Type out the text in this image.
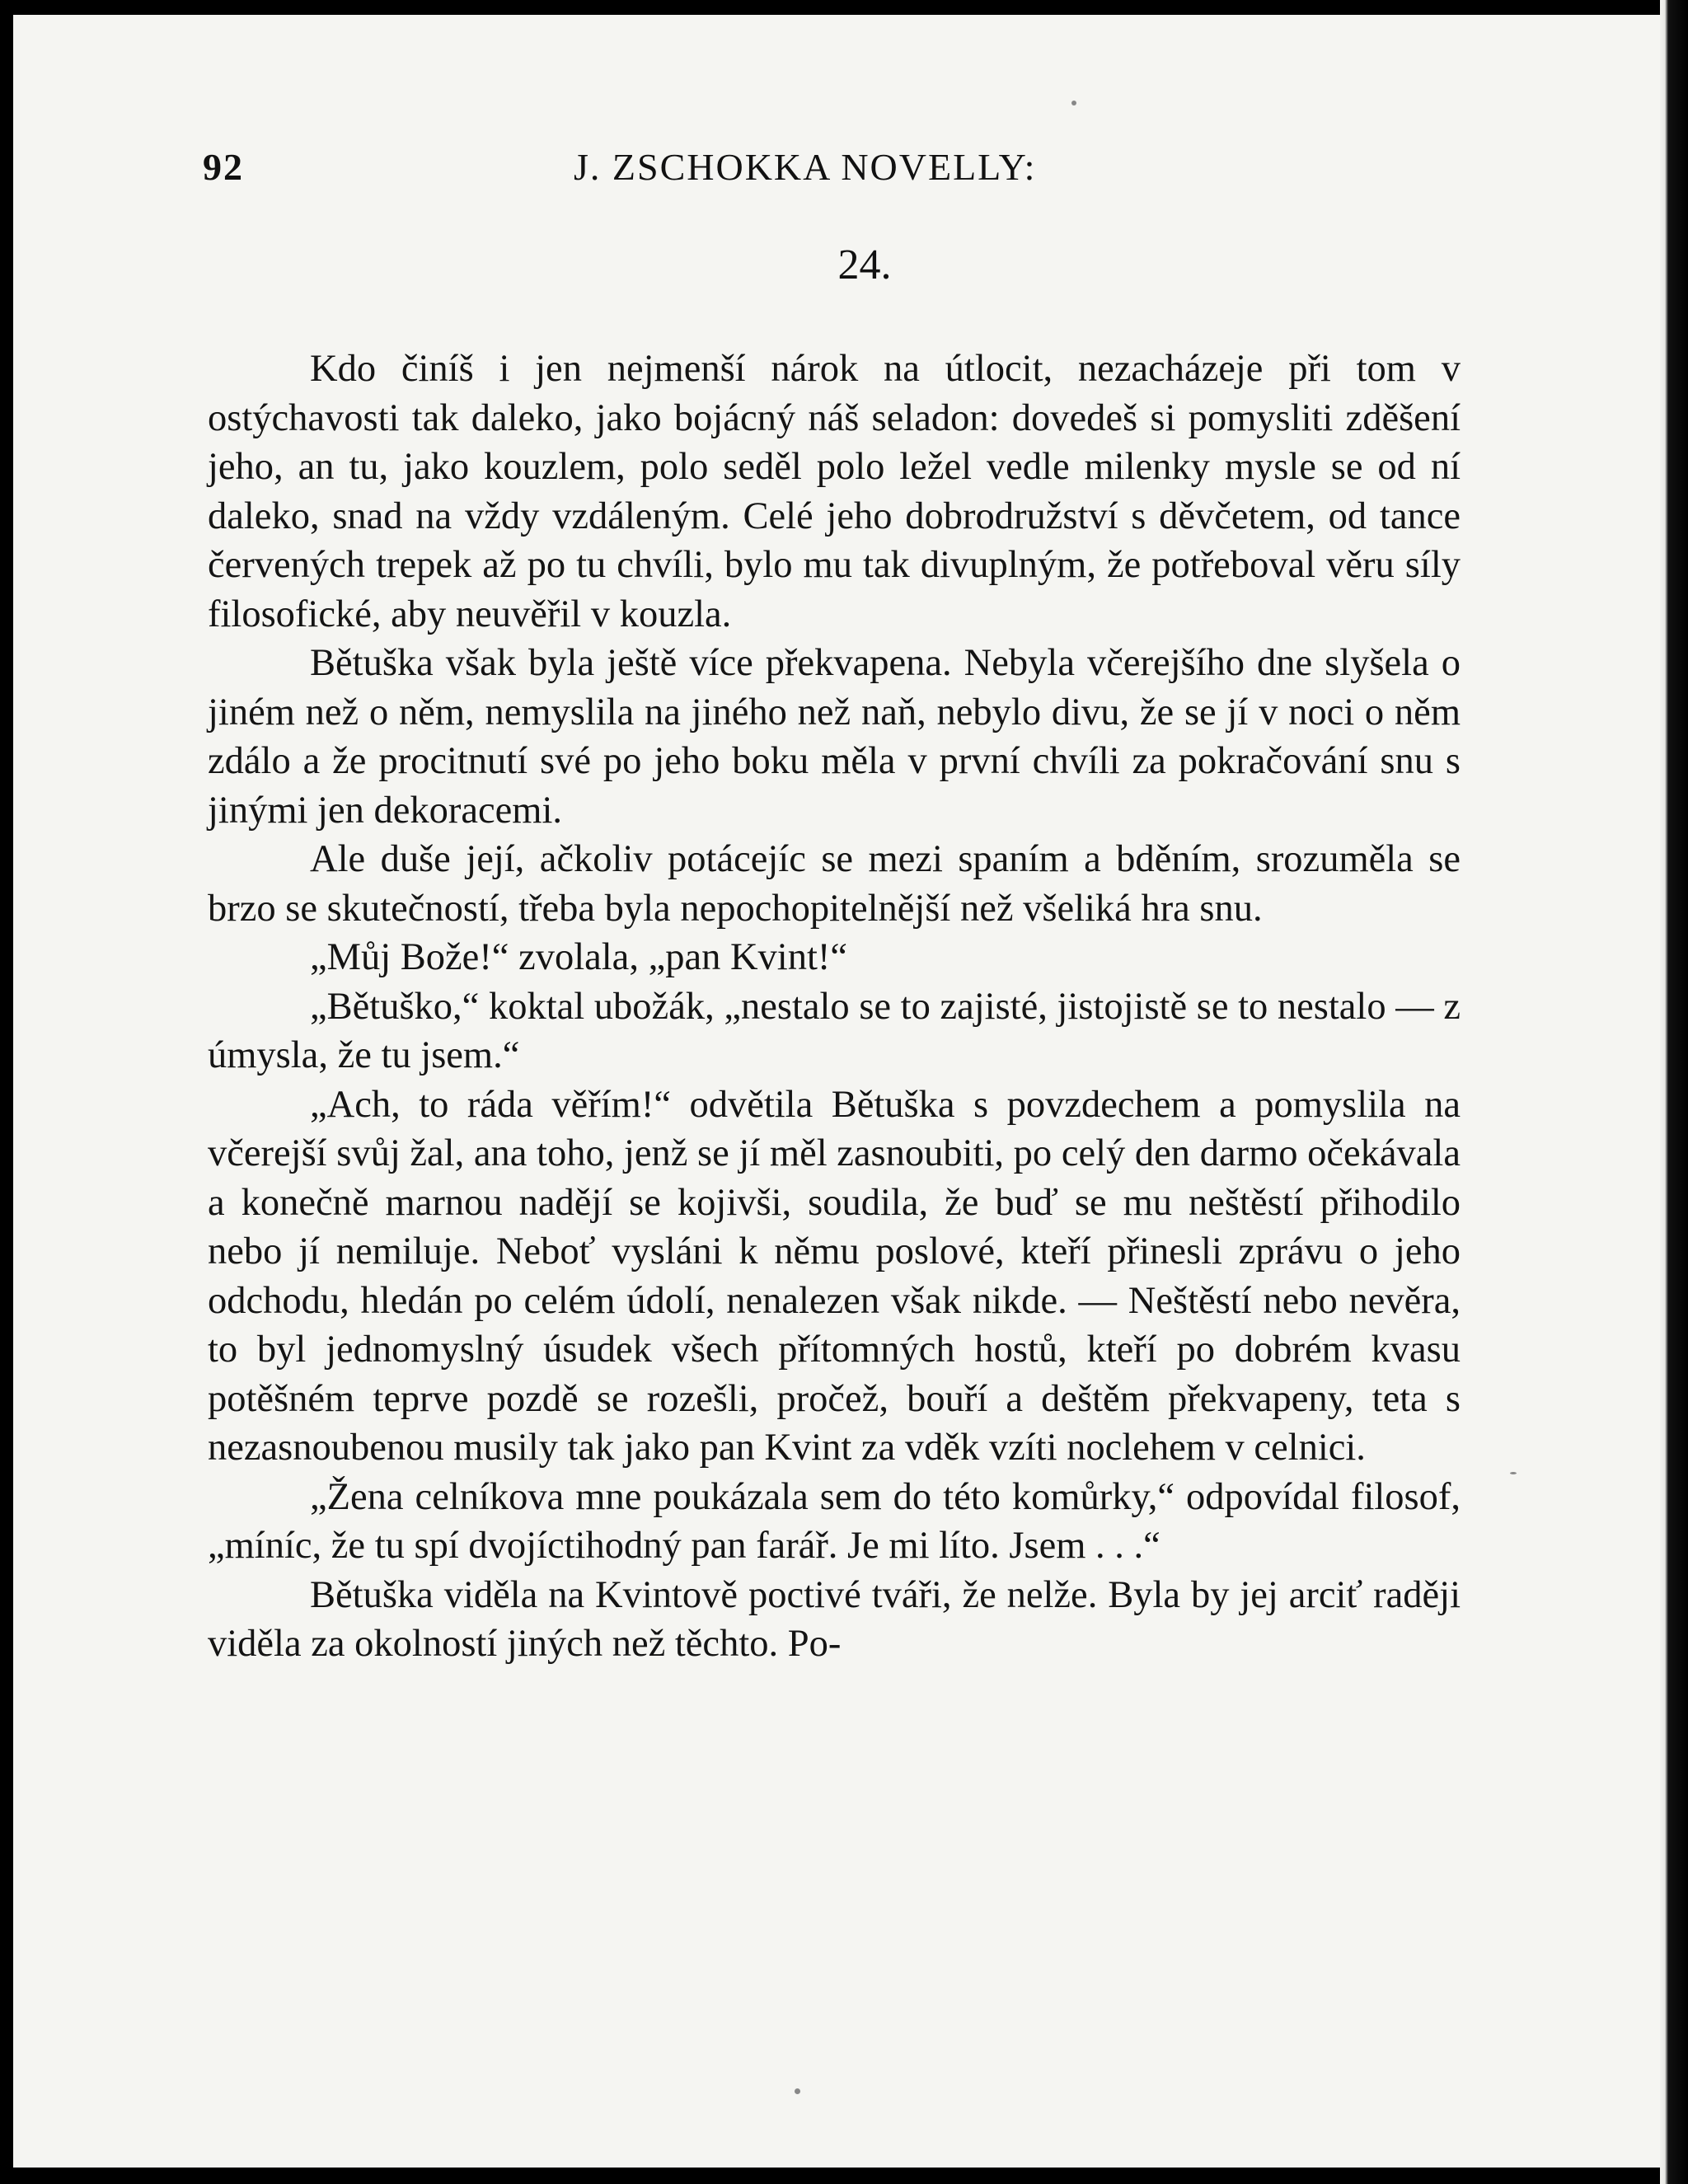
92	J. ZSCHOKKA NOVELLY:
24.

Kdo činíš i jen nejmenší nárok na útlocit, nezacházeje při tom v ostýchavosti tak daleko, jako bojácný náš seladon: dovedeš si pomysliti zděšení jeho, an tu, jako kouzlem, polo seděl polo ležel vedle milenky mysle se od ní daleko, snad na vždy vzdáleným. Celé jeho dobrodružství s děvčetem, od tance červených trepek až po tu chvíli, bylo mu tak divuplným, že potřeboval věru síly filosofické, aby neuvěřil v kouzla.

Bětuška však byla ještě více překvapena. Nebyla včerejšího dne slyšela o jiném než o něm, nemyslila na jiného než naň, nebylo divu, že se jí v noci o něm zdálo a že procitnutí své po jeho boku měla v první chvíli za pokračování snu s jinými jen dekoracemi.

Ale duše její, ačkoliv potácejíc se mezi spaním a bděním, srozuměla se brzo se skutečností, třeba byla nepochopitelnější než všeliká hra snu.

„Můj Bože!“ zvolala, „pan Kvint!“

„Bětuško,“ koktal ubožák, „nestalo se to zajisté, jistojistě se to nestalo — z úmysla, že tu jsem.“

„Ach, to ráda věřím!“ odvětila Bětuška s povzdechem a pomyslila na včerejší svůj žal, ana toho, jenž se jí měl zasnoubiti, po celý den darmo očekávala a konečně marnou nadějí se kojivši, soudila, že buď se mu neštěstí přihodilo nebo jí nemiluje. Neboť vysláni k němu poslové, kteří přinesli zprávu o jeho odchodu, hledán po celém údolí, nenalezen však nikde. — Neštěstí nebo nevěra, to byl jednomyslný úsudek všech přítomných hostů, kteří po dobrém kvasu potěšném teprve pozdě se rozešli, pročež, bouří a deštěm překvapeny, teta s nezasnoubenou musily tak jako pan Kvint za vděk vzíti noclehem v celnici.

„Žena celníkova mne poukázala sem do této komůrky,“ odpovídal filosof, „míníc, že tu spí dvojíctihodný pan farář. Je mi líto. Jsem . . .“

Bětuška viděla na Kvintově poctivé tváři, že nelže. Byla by jej arciť raději viděla za okolností jiných než těchto. Po-
